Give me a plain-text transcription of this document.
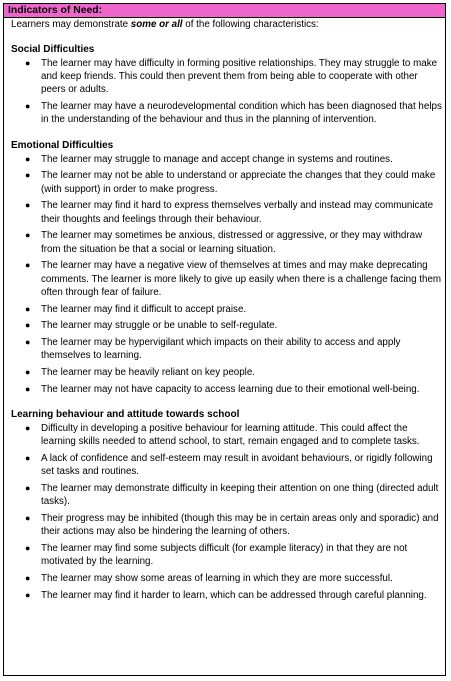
Indicators of Need:
Learners may demonstrate some or all of the following characteristics:
Social Difficulties
● The learner may have difficulty in forming positive relationships. They may struggle to make and keep friends. This could then prevent them from being able to cooperate with other peers or adults.
● The learner may have a neurodevelopmental condition which has been diagnosed that helps in the understanding of the behaviour and thus in the planning of intervention.
Emotional Difficulties
● The learner may struggle to manage and accept change in systems and routines.
● The learner may not be able to understand or appreciate the changes that they could make (with support) in order to make progress.
● The learner may find it hard to express themselves verbally and instead may communicate their thoughts and feelings through their behaviour.
● The learner may sometimes be anxious, distressed or aggressive, or they may withdraw from the situation be that a social or learning situation.
● The learner may have a negative view of themselves at times and may make deprecating comments. The learner is more likely to give up easily when there is a challenge facing them often through fear of failure.
● The learner may find it difficult to accept praise.
● The learner may struggle or be unable to self-regulate.
● The learner may be hypervigilant which impacts on their ability to access and apply themselves to learning.
● The learner may be heavily reliant on key people.
● The learner may not have capacity to access learning due to their emotional well-being.
Learning behaviour and attitude towards school
● Difficulty in developing a positive behaviour for learning attitude. This could affect the learning skills needed to attend school, to start, remain engaged and to complete tasks.
● A lack of confidence and self-esteem may result in avoidant behaviours, or rigidly following set tasks and routines.
● The learner may demonstrate difficulty in keeping their attention on one thing (directed adult tasks).
● Their progress may be inhibited (though this may be in certain areas only and sporadic) and their actions may also be hindering the learning of others.
● The learner may find some subjects difficult (for example literacy) in that they are not motivated by the learning.
● The learner may show some areas of learning in which they are more successful.
● The learner may find it harder to learn, which can be addressed through careful planning.
